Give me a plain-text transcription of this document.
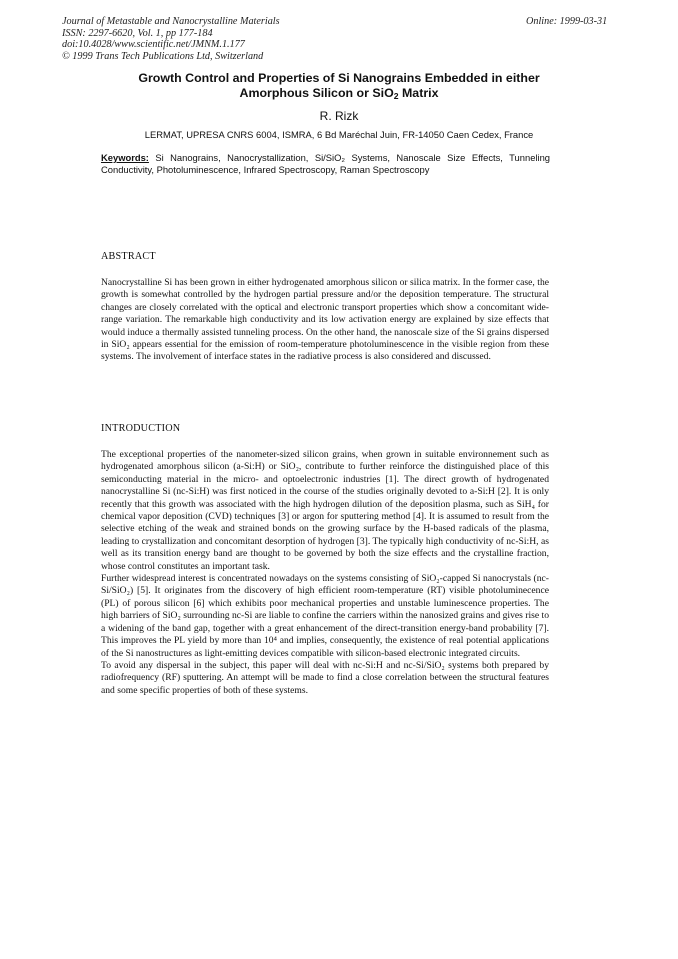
Journal of Metastable and Nanocrystalline Materials
ISSN: 2297-6620, Vol. 1, pp 177-184
doi:10.4028/www.scientific.net/JMNM.1.177
© 1999 Trans Tech Publications Ltd, Switzerland
Online: 1999-03-31
Growth Control and Properties of Si Nanograins Embedded in either
Amorphous Silicon or SiO$_2$ Matrix
R. Rizk
LERMAT, UPRESA CNRS 6004, ISMRA, 6 Bd Maréchal Juin, FR-14050 Caen Cedex, France
Keywords: Si Nanograins, Nanocrystallization, Si/SiO₂ Systems, Nanoscale Size Effects, Tunneling Conductivity, Photoluminescence, Infrared Spectroscopy, Raman Spectroscopy
ABSTRACT

Nanocrystalline Si has been grown in either hydrogenated amorphous silicon or silica matrix. In the former case, the growth is somewhat controlled by the hydrogen partial pressure and/or the deposition temperature. The structural changes are closely correlated with the optical and electronic transport properties which show a concomitant wide-range variation. The remarkable high conductivity and its low activation energy are explained by size effects that would induce a thermally assisted tunneling process. On the other hand, the nanoscale size of the Si grains dispersed in SiO₂ appears essential for the emission of room-temperature photoluminescence in the visible region from these systems. The involvement of interface states in the radiative process is also considered and discussed.

INTRODUCTION

The exceptional properties of the nanometer-sized silicon grains, when grown in suitable environnement such as hydrogenated amorphous silicon (a-Si:H) or SiO₂, contribute to further reinforce the distinguished place of this semiconducting material in the micro- and optoelectronic industries [1]. The direct growth of hydrogenated nanocrystalline Si (nc-Si:H) was first noticed in the course of the studies originally devoted to a-Si:H [2]. It is only recently that this growth was associated with the high hydrogen dilution of the deposition plasma, such as SiH₄ for chemical vapor deposition (CVD) techniques [3] or argon for sputtering method [4]. It is assumed to result from the selective etching of the weak and strained bonds on the growing surface by the H-based radicals of the plasma, leading to crystallization and concomitant desorption of hydrogen [3]. The typically high conductivity of nc-Si:H, as well as its transition energy band are thought to be governed by both the size effects and the crystalline fraction, whose control constitutes an important task.

Further widespread interest is concentrated nowadays on the systems consisting of SiO₂-capped Si nanocrystals (nc-Si/SiO₂) [5]. It originates from the discovery of high efficient room-temperature (RT) visible photoluminecence (PL) of porous silicon [6] which exhibits poor mechanical properties and unstable luminescence properties. The high barriers of SiO₂ surrounding nc-Si are liable to confine the carriers within the nanosized grains and gives rise to a widening of the band gap, together with a great enhancement of the direct-transition energy-band probability [7]. This improves the PL yield by more than 10⁴ and implies, consequently, the existence of real potential applications of the Si nanostructures as light-emitting devices compatible with silicon-based electronic integrated circuits.

To avoid any dispersal in the subject, this paper will deal with nc-Si:H and nc-Si/SiO₂ systems both prepared by radiofrequency (RF) sputtering. An attempt will be made to find a close correlation between the structural features and some specific properties of both of these systems.
